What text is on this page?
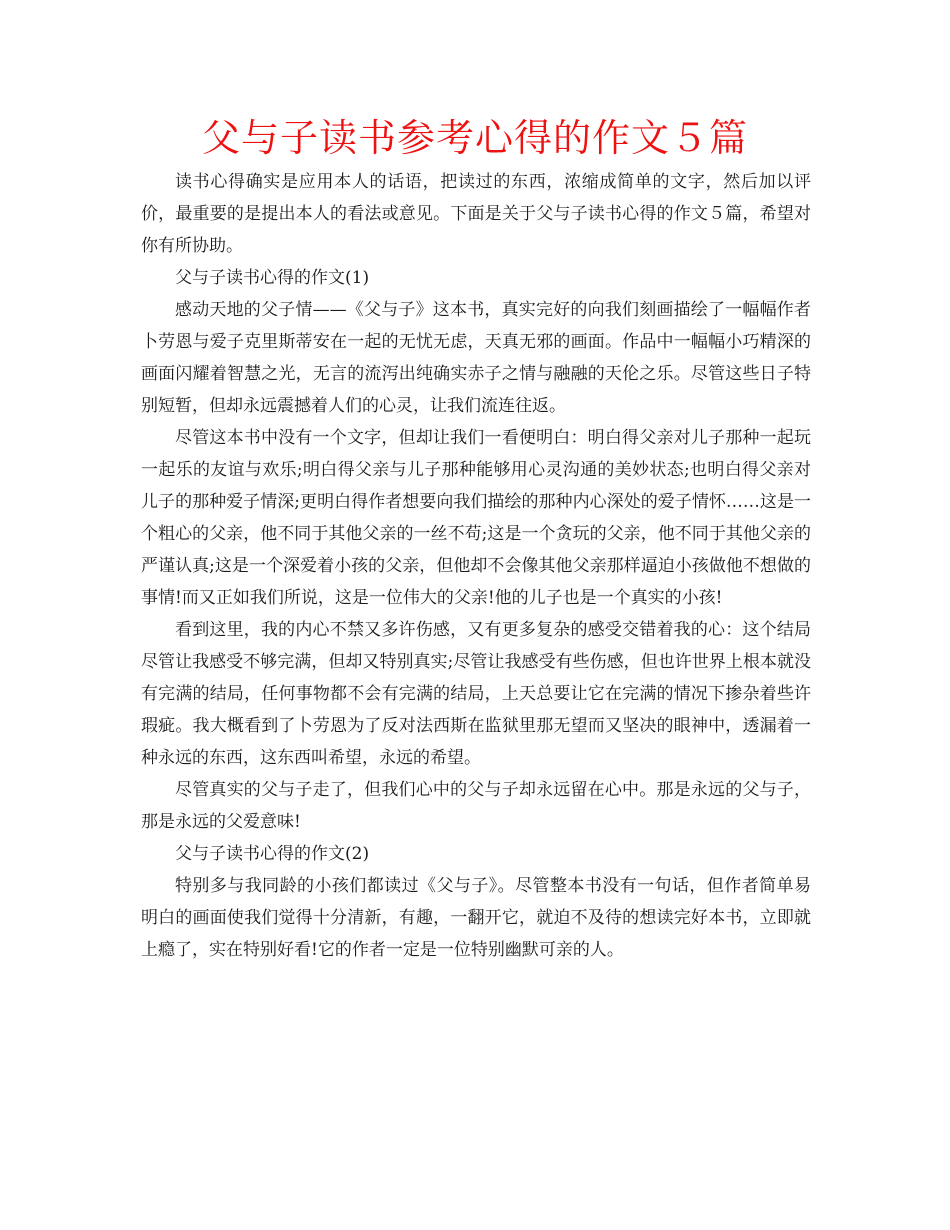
父与子读书参考心得的作文５篇

读书心得确实是应用本人的话语，把读过的东西，浓缩成简单的文字，然后加以评价，最重要的是提出本人的看法或意见。下面是关于父与子读书心得的作文５篇，希望对你有所协助。

父与子读书心得的作文(1)

感动天地的父子情——《父与子》这本书，真实完好的向我们刻画描绘了一幅幅作者卜劳恩与爱子克里斯蒂安在一起的无忧无虑，天真无邪的画面。作品中一幅幅小巧精深的画面闪耀着智慧之光，无言的流泻出纯确实赤子之情与融融的天伦之乐。尽管这些日子特别短暂，但却永远震撼着人们的心灵，让我们流连往返。

尽管这本书中没有一个文字，但却让我们一看便明白：明白得父亲对儿子那种一起玩一起乐的友谊与欢乐;明白得父亲与儿子那种能够用心灵沟通的美妙状态;也明白得父亲对儿子的那种爱子情深;更明白得作者想要向我们描绘的那种内心深处的爱子情怀……这是一个粗心的父亲，他不同于其他父亲的一丝不苟;这是一个贪玩的父亲，他不同于其他父亲的严谨认真;这是一个深爱着小孩的父亲，但他却不会像其他父亲那样逼迫小孩做他不想做的事情!而又正如我们所说，这是一位伟大的父亲!他的儿子也是一个真实的小孩!

看到这里，我的内心不禁又多许伤感，又有更多复杂的感受交错着我的心：这个结局尽管让我感受不够完满，但却又特别真实;尽管让我感受有些伤感，但也许世界上根本就没有完满的结局，任何事物都不会有完满的结局，上天总要让它在完满的情况下掺杂着些许瑕疵。我大概看到了卜劳恩为了反对法西斯在监狱里那无望而又坚决的眼神中，透漏着一种永远的东西，这东西叫希望，永远的希望。

尽管真实的父与子走了，但我们心中的父与子却永远留在心中。那是永远的父与子，那是永远的父爱意味!

父与子读书心得的作文(2)

特别多与我同龄的小孩们都读过《父与子》。尽管整本书没有一句话，但作者简单易明白的画面使我们觉得十分清新，有趣，一翻开它，就迫不及待的想读完好本书，立即就上瘾了，实在特别好看!它的作者一定是一位特别幽默可亲的人。
